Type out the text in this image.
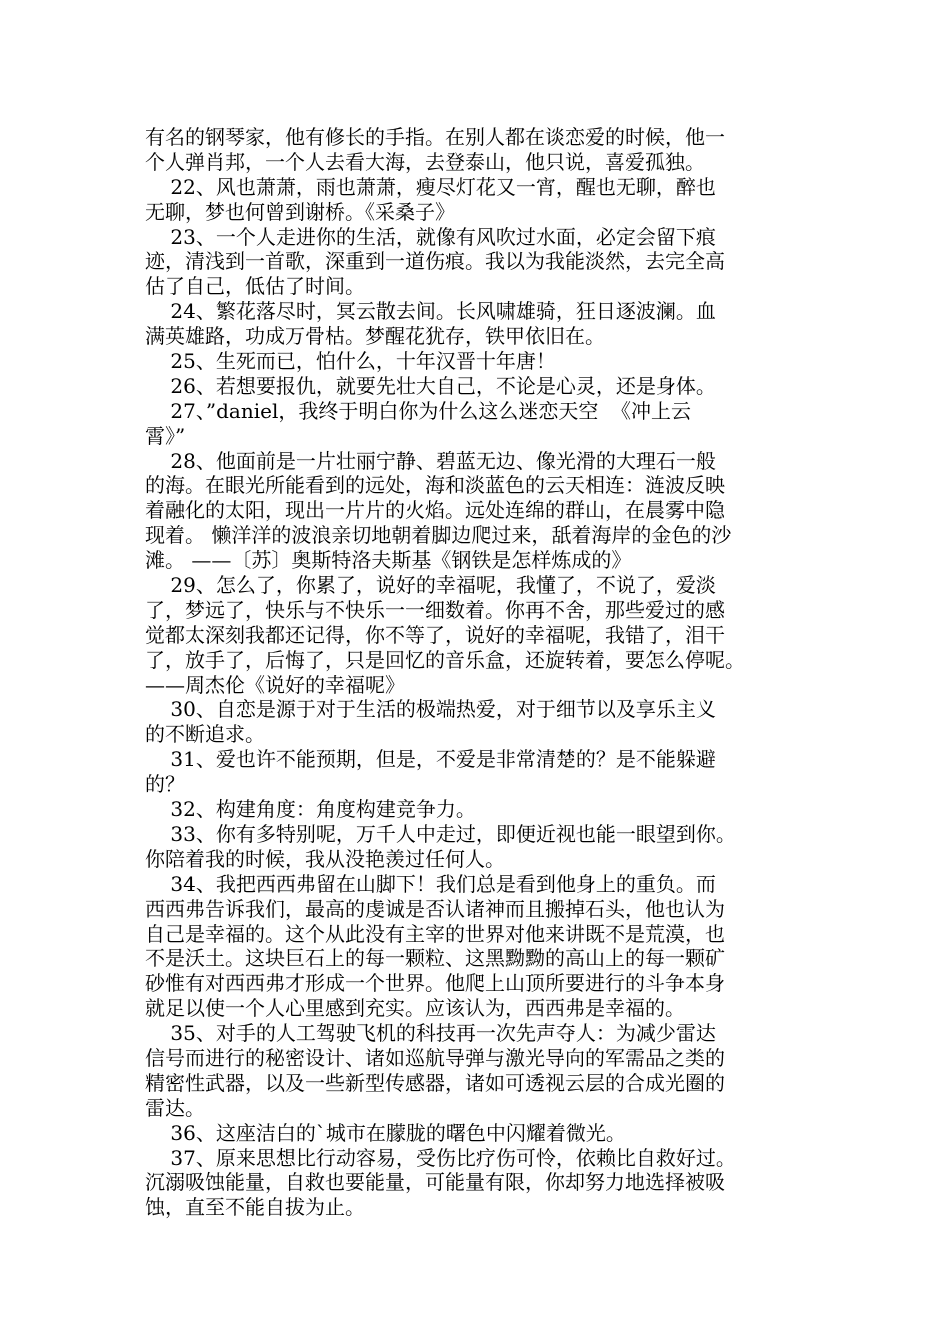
有名的钢琴家，他有修长的手指。在别人都在谈恋爱的时候，他一
个人弹肖邦，一个人去看大海，去登泰山，他只说，喜爱孤独。
22、风也萧萧，雨也萧萧，瘦尽灯花又一宵，醒也无聊，醉也
无聊，梦也何曾到谢桥。《采桑子》
23、一个人走进你的生活，就像有风吹过水面，必定会留下痕
迹，清浅到一首歌，深重到一道伤痕。我以为我能淡然，去完全高
估了自己，低估了时间。
24、繁花落尽时，冥云散去间。长风啸雄骑，狂日逐波澜。血
满英雄路，功成万骨枯。梦醒花犹存，铁甲依旧在。
25、生死而已，怕什么，十年汉晋十年唐！
26、若想要报仇，就要先壮大自己，不论是心灵，还是身体。
27、”daniel，我终于明白你为什么这么迷恋天空  《冲上云
霄》”
28、他面前是一片壮丽宁静、碧蓝无边、像光滑的大理石一般
的海。在眼光所能看到的远处，海和淡蓝色的云天相连：涟波反映
着融化的太阳，现出一片片的火焰。远处连绵的群山，在晨雾中隐
现着。 懒洋洋的波浪亲切地朝着脚边爬过来，舐着海岸的金色的沙
滩。 ——〔苏〕奥斯特洛夫斯基《钢铁是怎样炼成的》
29、怎么了，你累了，说好的幸福呢，我懂了，不说了，爱淡
了，梦远了，快乐与不快乐一一细数着。你再不舍，那些爱过的感
觉都太深刻我都还记得，你不等了，说好的幸福呢，我错了，泪干
了，放手了，后悔了，只是回忆的音乐盒，还旋转着，要怎么停呢。
——周杰伦《说好的幸福呢》
30、自恋是源于对于生活的极端热爱，对于细节以及享乐主义
的不断追求。
31、爱也许不能预期，但是，不爱是非常清楚的？是不能躲避
的？
32、构建角度：角度构建竞争力。
33、你有多特别呢，万千人中走过，即便近视也能一眼望到你。
你陪着我的时候，我从没艳羡过任何人。
34、我把西西弗留在山脚下！我们总是看到他身上的重负。而
西西弗告诉我们，最高的虔诚是否认诸神而且搬掉石头，他也认为
自己是幸福的。这个从此没有主宰的世界对他来讲既不是荒漠，也
不是沃土。这块巨石上的每一颗粒、这黑黝黝的高山上的每一颗矿
砂惟有对西西弗才形成一个世界。他爬上山顶所要进行的斗争本身
就足以使一个人心里感到充实。应该认为，西西弗是幸福的。
35、对手的人工驾驶飞机的科技再一次先声夺人：为减少雷达
信号而进行的秘密设计、诸如巡航导弹与激光导向的军需品之类的
精密性武器，以及一些新型传感器，诸如可透视云层的合成光圈的
雷达。
36、这座洁白的`城市在朦胧的曙色中闪耀着微光。
37、原来思想比行动容易，受伤比疗伤可怜，依赖比自救好过。
沉溺吸蚀能量，自救也要能量，可能量有限，你却努力地选择被吸
蚀，直至不能自拔为止。
